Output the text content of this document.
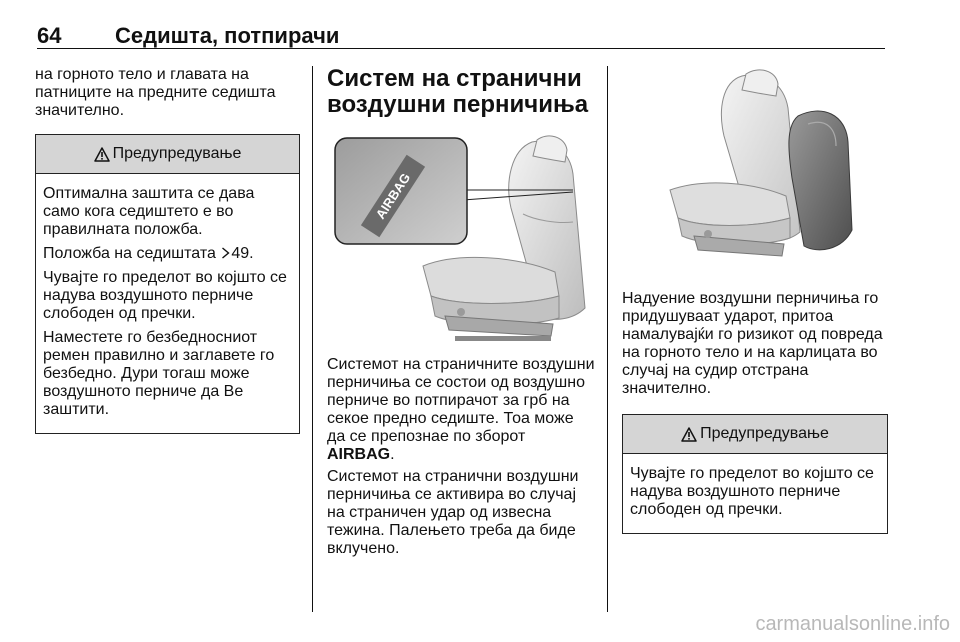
64 Седишта, потпирачи

на горното тело и главата на патниците на предните седишта значително.

Предупредување

Оптимална заштита се дава само кога седиштето е во правилната положба.

Положба на седиштата 49.

Чувајте го пределот во којшто се надува воздушното перниче слободен од пречки.

Наместете го безбедносниот ремен правилно и заглавете го безбедно. Дури тогаш може воздушното перниче да Ве заштити.

Систем на странични воздушни перничиња
AIRBAG

Системот на страничните воздушни перничиња се состои од воздушно перниче во потпирачот за грб на секое предно седиште. Тоа може да се препознае по зборот AIRBAG.

Системот на странични воздушни перничиња се активира во случај на страничен удар од извесна тежина. Палењето треба да биде вклучено.

Надуение воздушни перничиња го придушуваат ударот, притоа намалувајќи го ризикот од повреда на горното тело и на карлицата во случај на судир отстрана значително.

Предупредување

Чувајте го пределот во којшто се надува воздушното перниче слободен од пречки.

carmanualsonline.info
